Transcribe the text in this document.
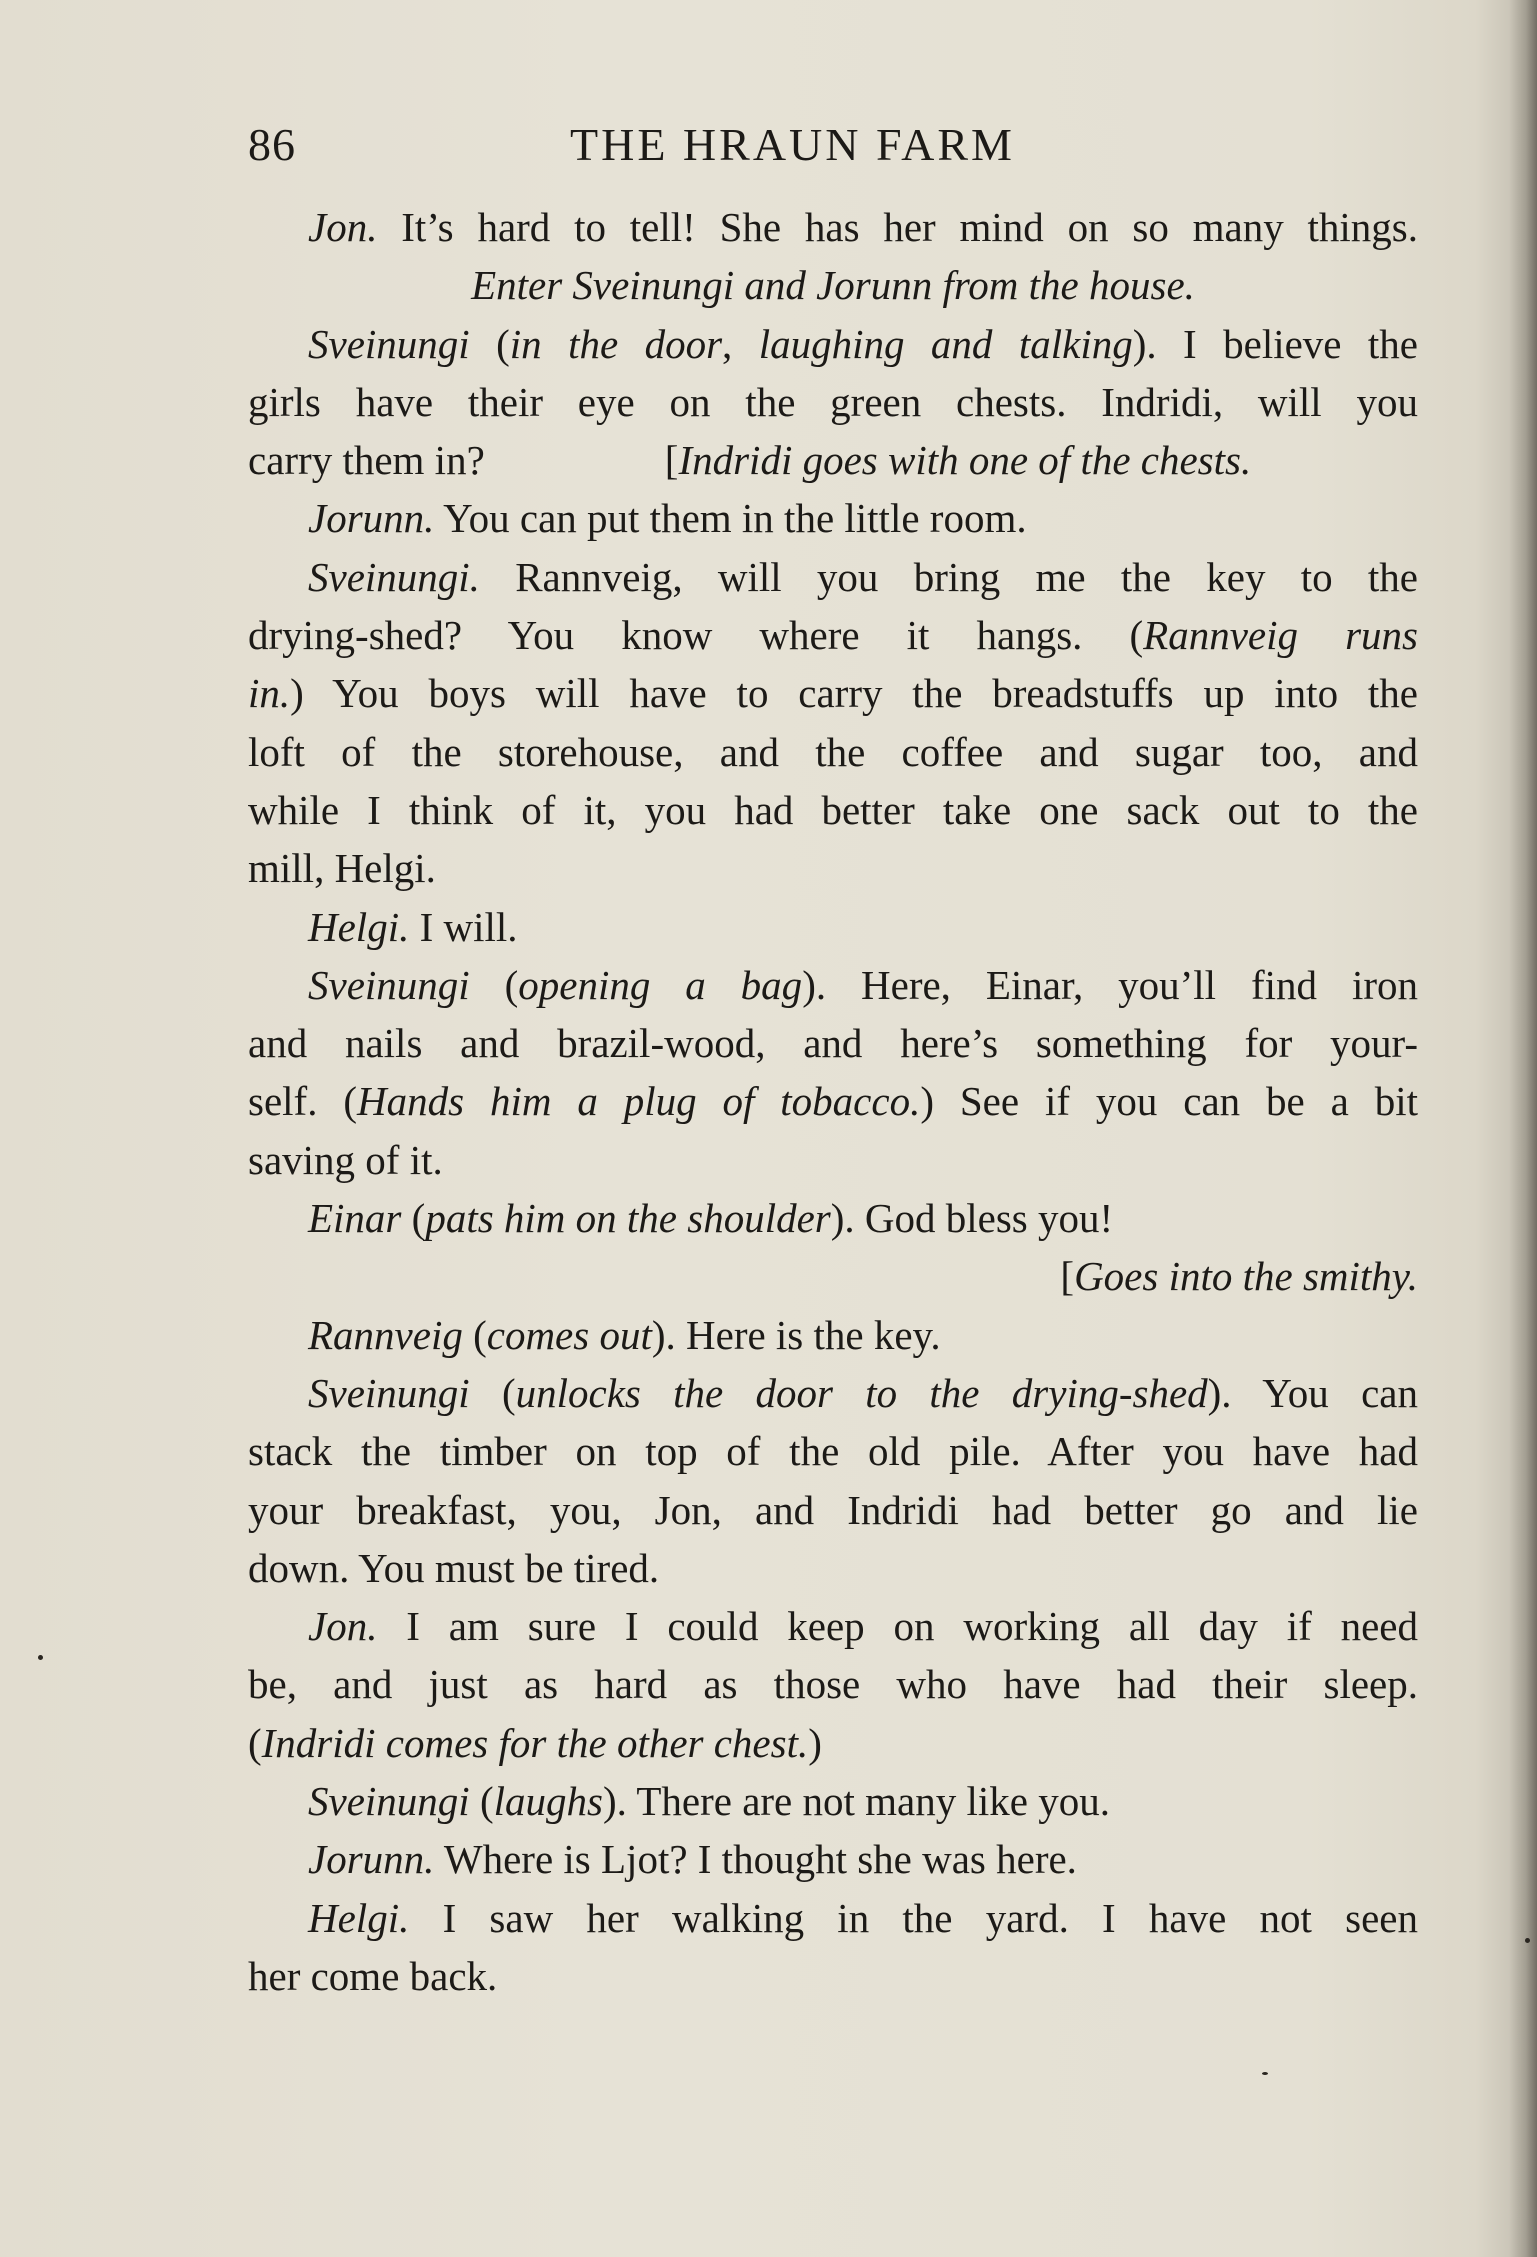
86	THE HRAUN FARM
Jon. It’s hard to tell! She has her mind on so many things.
Enter Sveinungi and Jorunn from the house.
Sveinungi (in the door, laughing and talking). I believe the
girls have their eye on the green chests. Indridi, will you
carry them in?	[Indridi goes with one of the chests.
Jorunn. You can put them in the little room.
Sveinungi. Rannveig, will you bring me the key to the
drying-shed? You know where it hangs. (Rannveig runs
in.) You boys will have to carry the breadstuffs up into the
loft of the storehouse, and the coffee and sugar too, and
while I think of it, you had better take one sack out to the
mill, Helgi.
Helgi. I will.
Sveinungi (opening a bag). Here, Einar, you’ll find iron
and nails and brazil-wood, and here’s something for your-
self. (Hands him a plug of tobacco.) See if you can be a bit
saving of it.
Einar (pats him on the shoulder). God bless you!
[Goes into the smithy.
Rannveig (comes out). Here is the key.
Sveinungi (unlocks the door to the drying-shed). You can
stack the timber on top of the old pile. After you have had
your breakfast, you, Jon, and Indridi had better go and lie
down. You must be tired.
Jon. I am sure I could keep on working all day if need
be, and just as hard as those who have had their sleep.
(Indridi comes for the other chest.)
Sveinungi (laughs). There are not many like you.
Jorunn. Where is Ljot? I thought she was here.
Helgi. I saw her walking in the yard. I have not seen
her come back.
